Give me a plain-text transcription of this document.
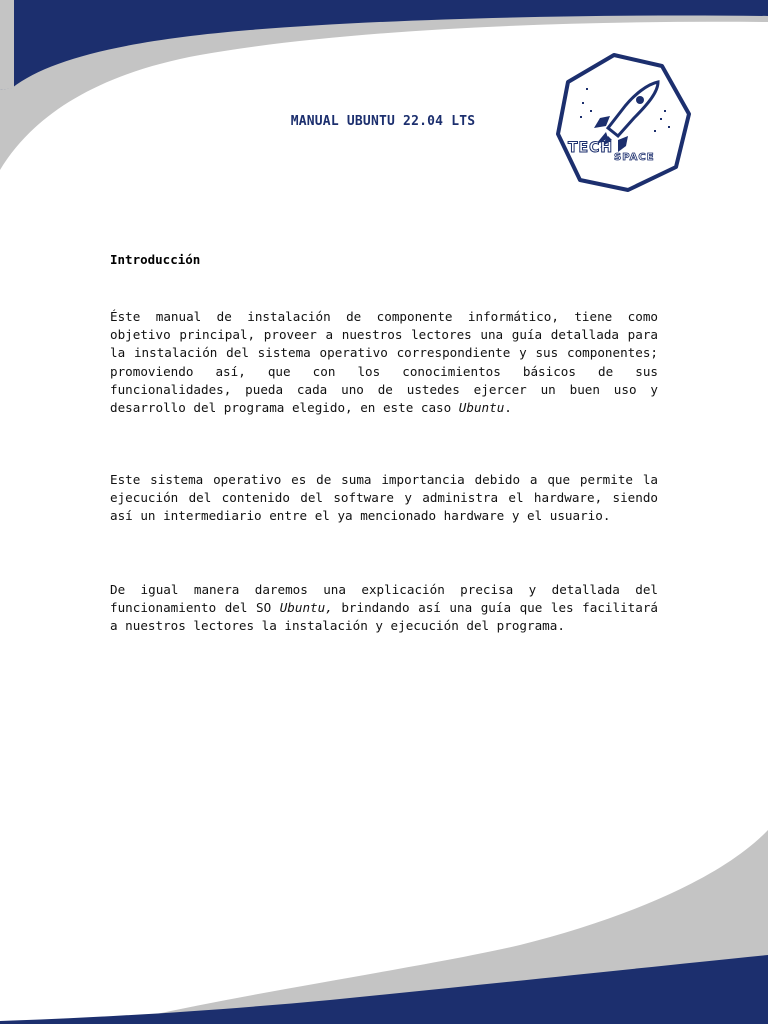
MANUAL UBUNTU 22.04 LTS
TECH
SPACE
Introducción

Éste manual de instalación de componente informático, tiene como objetivo principal, proveer a nuestros lectores una guía detallada para la instalación del sistema operativo correspondiente y sus componentes; promoviendo así, que con los conocimientos básicos de sus funcionalidades, pueda cada uno de ustedes ejercer un buen uso y desarrollo del programa elegido, en este caso Ubuntu.

Este sistema operativo es de suma importancia debido a que permite la ejecución del contenido del software y administra el hardware, siendo así un intermediario entre el ya mencionado hardware y el usuario.

De igual manera daremos una explicación precisa y detallada del funcionamiento del SO Ubuntu, brindando así una guía que les facilitará a nuestros lectores la instalación y ejecución del programa.
